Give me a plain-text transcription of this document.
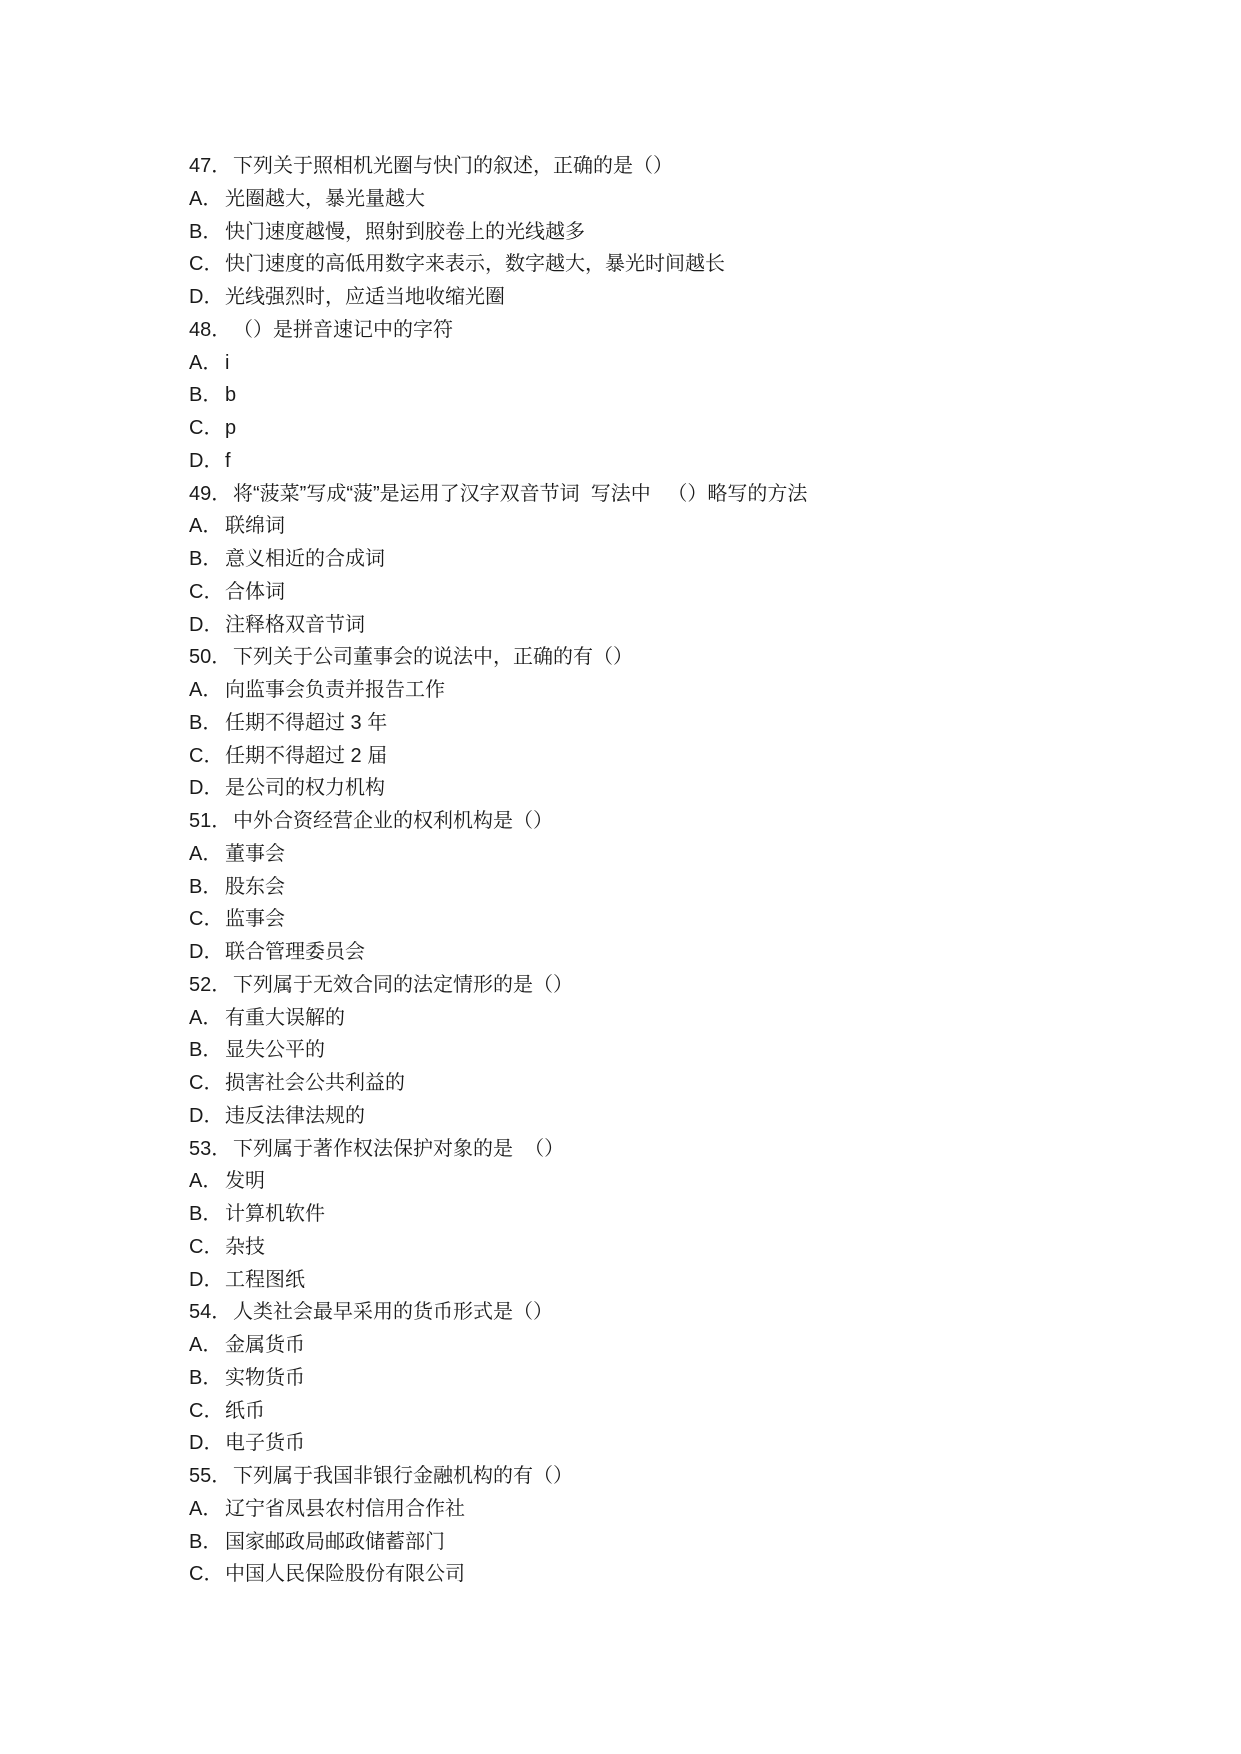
47．下列关于照相机光圈与快门的叙述，正确的是（）
A． 光圈越大，暴光量越大
B． 快门速度越慢，照射到胶卷上的光线越多
C．快门速度的高低用数字来表示，数字越大，暴光时间越长
D．光线强烈时，应适当地收缩光圈
48．（）是拼音速记中的字符
A． i
B． b
C．p
D．f
49．将“菠菜”写成“菠”是运用了汉字双音节词  写法中   （）略写的方法
A． 联绵词
B． 意义相近的合成词
C．合体词
D．注释格双音节词
50．下列关于公司董事会的说法中，正确的有（）
A． 向监事会负责并报告工作
B． 任期不得超过 3 年
C．任期不得超过 2 届
D．是公司的权力机构
51．中外合资经营企业的权利机构是（）
A． 董事会
B． 股东会
C．监事会
D．联合管理委员会
52．下列属于无效合同的法定情形的是（）
A． 有重大误解的
B． 显失公平的
C．损害社会公共利益的
D．违反法律法规的
53．下列属于著作权法保护对象的是  （）
A． 发明
B． 计算机软件
C．杂技
D．工程图纸
54．人类社会最早采用的货币形式是（）
A． 金属货币
B． 实物货币
C．纸币
D．电子货币
55．下列属于我国非银行金融机构的有（）
A． 辽宁省凤县农村信用合作社
B． 国家邮政局邮政储蓄部门
C．中国人民保险股份有限公司
